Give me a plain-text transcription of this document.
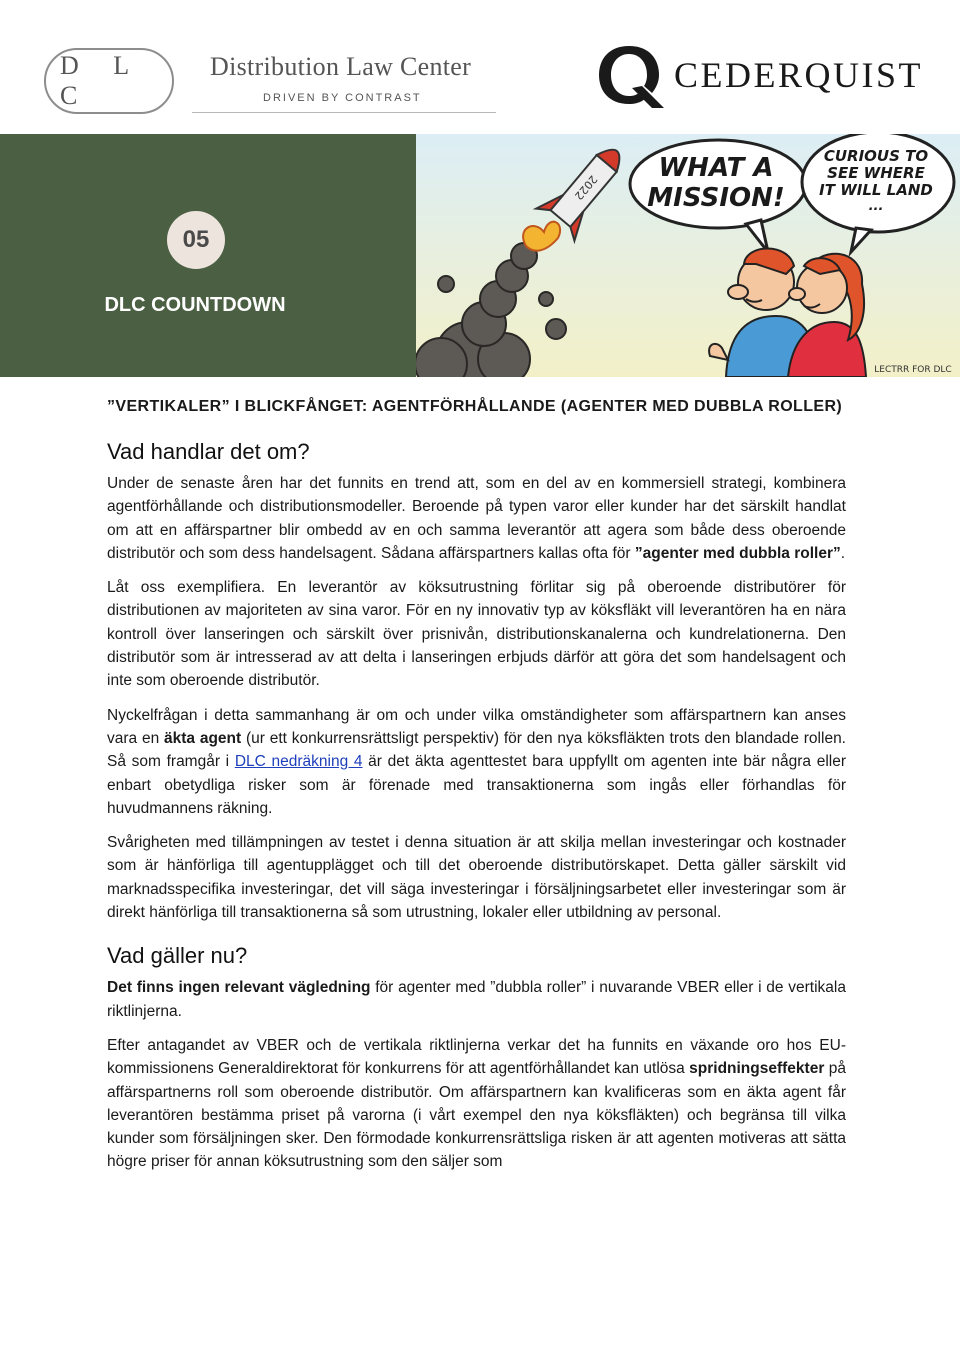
D L C
Distribution Law Center
DRIVEN BY CONTRAST
CEDERQUIST
05
DLC COUNTDOWN
2022
WHAT A
MISSION!
CURIOUS TO
SEE WHERE
IT WILL LAND
...
LECTRR FOR DLC
”VERTIKALER” I BLICKFÅNGET: AGENTFÖRHÅLLANDE (AGENTER MED DUBBLA ROLLER)
Vad handlar det om?

Under de senaste åren har det funnits en trend att, som en del av en kommersiell strategi, kombinera agentförhållande och distributionsmodeller. Beroende på typen varor eller kunder har det särskilt handlat om att en affärspartner blir ombedd av en och samma leverantör att agera som både dess oberoende distributör och som dess handelsagent. Sådana affärspartners kallas ofta för ”agenter med dubbla roller”.

Låt oss exemplifiera. En leverantör av köksutrustning förlitar sig på oberoende distributörer för distributionen av majoriteten av sina varor. För en ny innovativ typ av köksfläkt vill leverantören ha en nära kontroll över lanseringen och särskilt över prisnivån, distributionskanalerna och kundrelationerna. Den distributör som är intresserad av att delta i lanseringen erbjuds därför att göra det som handelsagent och inte som oberoende distributör.

Nyckelfrågan i detta sammanhang är om och under vilka omständigheter som affärspartnern kan anses vara en äkta agent (ur ett konkurrensrättsligt perspektiv) för den nya köksfläkten trots den blandade rollen. Så som framgår i DLC nedräkning 4 är det äkta agenttestet bara uppfyllt om agenten inte bär några eller enbart obetydliga risker som är förenade med transaktionerna som ingås eller förhandlas för huvudmannens räkning.

Svårigheten med tillämpningen av testet i denna situation är att skilja mellan investeringar och kostnader som är hänförliga till agentupplägget och till det oberoende distributörskapet. Detta gäller särskilt vid marknadsspecifika investeringar, det vill säga investeringar i försäljningsarbetet eller investeringar som är direkt hänförliga till transaktionerna så som utrustning, lokaler eller utbildning av personal.

Vad gäller nu?

Det finns ingen relevant vägledning för agenter med ”dubbla roller” i nuvarande VBER eller i de vertikala riktlinjerna.

Efter antagandet av VBER och de vertikala riktlinjerna verkar det ha funnits en växande oro hos EU-kommissionens Generaldirektorat för konkurrens för att agentförhållandet kan utlösa spridningseffekter på affärspartnerns roll som oberoende distributör. Om affärspartnern kan kvalificeras som en äkta agent får leverantören bestämma priset på varorna (i vårt exempel den nya köksfläkten) och begränsa till vilka kunder som försäljningen sker. Den förmodade konkurrensrättsliga risken är att agenten motiveras att sätta högre priser för annan köksutrustning som den säljer som
